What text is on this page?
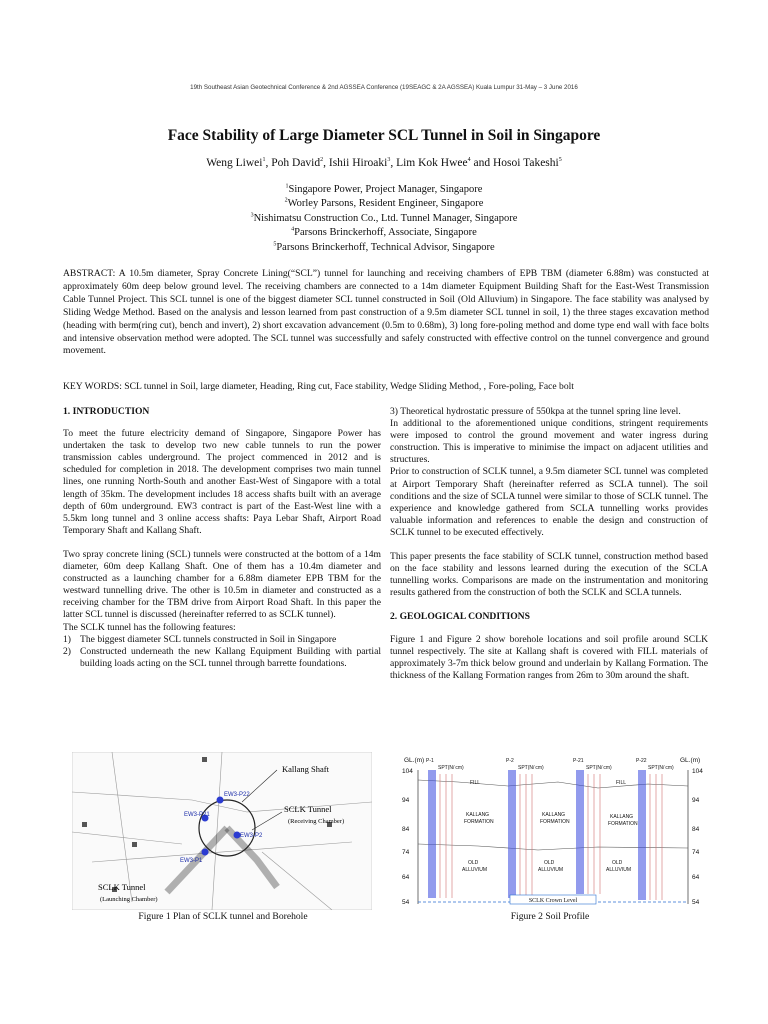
19th Southeast Asian Geotechnical Conference & 2nd AGSSEA Conference (19SEAGC & 2A AGSSEA) Kuala Lumpur 31-May – 3 June 2016
Face Stability of Large Diameter SCL Tunnel in Soil in Singapore
Weng Liwei$^1$, Poh David$^2$, Ishii Hiroaki$^3$, Lim Kok Hwee$^4$ and Hosoi Takeshi$^5$
$^1$Singapore Power, Project Manager, Singapore
$^2$Worley Parsons, Resident Engineer, Singapore
$^3$Nishimatsu Construction Co., Ltd. Tunnel Manager, Singapore
$^4$Parsons Brinckerhoff, Associate, Singapore
$^5$Parsons Brinckerhoff, Technical Advisor, Singapore
ABSTRACT: A 10.5m diameter, Spray Concrete Lining(“SCL”) tunnel for launching and receiving chambers of EPB TBM (diameter 6.88m) was constucted at approximately 60m deep below ground level. The receiving chambers are connected to a 14m diameter Equipment Building Shaft for the East-West Transmission Cable Tunnel Project. This SCL tunnel is one of the biggest diameter SCL tunnel constructed in Soil (Old Alluvium) in Singapore. The face stability was analysed by Sliding Wedge Method. Based on the analysis and lesson learned from past construction of a 9.5m diameter SCL tunnel in soil, 1) the three stages excavation method (heading with berm(ring cut), bench and invert), 2) short excavation advancement (0.5m to 0.68m), 3) long fore-poling method and dome type end wall with face bolts and intensive observation method were adopted. The SCL tunnel was successfully and safely constructed with effective control on the tunnel convergence and ground movement.
KEY WORDS: SCL tunnel in Soil, large diameter, Heading, Ring cut, Face stability, Wedge Sliding Method, , Fore-poling, Face bolt
1. INTRODUCTION

To meet the future electricity demand of Singapore, Singapore Power has undertaken the task to develop two new cable tunnels to run the power transmission cables underground. The project commenced in 2012 and is scheduled for completion in 2018. The development comprises two main tunnel lines, one running North-South and another East-West of Singapore with a total length of 35km. The development includes 18 access shafts built with an average depth of 60m underground. EW3 contract is part of the East-West line with a 5.5km long tunnel and 3 online access shafts: Paya Lebar Shaft, Airport Road Temporary Shaft and Kallang Shaft.

Two spray concrete lining (SCL) tunnels were constructed at the bottom of a 14m diameter, 60m deep Kallang Shaft. One of them has a 10.4m diameter and constructed as a launching chamber for a 6.88m diameter EPB TBM for the westward tunnelling drive. The other is 10.5m in diameter and constructed as a receiving chamber for the TBM drive from Airport Road Shaft. In this paper the latter SCL tunnel is discussed (hereinafter referred to as SCLK tunnel).

The SCLK tunnel has the following features:

1) The biggest diameter SCL tunnels constructed in Soil in Singapore
2) Constructed underneath the new Kallang Equipment Building with partial building loads acting on the SCL tunnel through barrette foundations.

3) Theoretical hydrostatic pressure of 550kpa at the tunnel spring line level.

In additional to the aforementioned unique conditions, stringent requirements were imposed to control the ground movement and water ingress during construction. This is imperative to minimise the impact on adjacent utilities and structures.

Prior to construction of SCLK tunnel, a 9.5m diameter SCL tunnel was completed at Airport Temporary Shaft (hereinafter referred as SCLA tunnel). The soil conditions and the size of SCLA tunnel were similar to those of SCLK tunnel. The experience and knowledge gathered from SCLA tunnelling works provides valuable information and references to enable the design and construction of SCLK tunnel to be executed effectively.

This paper presents the face stability of SCLK tunnel, construction method based on the face stability and lessons learned during the execution of the SCLA tunnelling works. Comparisons are made on the instrumentation and monitoring results gathered from the construction of both the SCLK and SCLA tunnels.

2. GEOLOGICAL CONDITIONS

Figure 1 and Figure 2 show borehole locations and soil profile around SCLK tunnel respectively. The site at Kallang shaft is covered with FILL materials of approximately 3-7m thick below ground and underlain by Kallang Formation. The thickness of the Kallang Formation ranges from 26m to 30m around the shaft.

EW3-P21
EW3-P22
EW3-P2
EW3-P1
Kallang Shaft
SCLK Tunnel
(Receiving Chamber)
SCLK Tunnel
(Launching Chamber)
Figure 1 Plan of SCLK tunnel and Borehole
GL.(m)	GL.(m)
104
94
84
74
64
54
104
94
84
74
64
54
P-1	P-2	P-21	P-22
SPT(N/ cm)	SPT(N/ cm)	SPT(N/ cm)	SPT(N/ cm)
FILL	FILL
KALLANG
FORMATION
KALLANG
FORMATION
KALLANG
FORMATION
OLD
ALLUVIUM
OLD
ALLUVIUM
OLD
ALLUVIUM
SCLK Crown Level
Figure 2 Soil Profile
